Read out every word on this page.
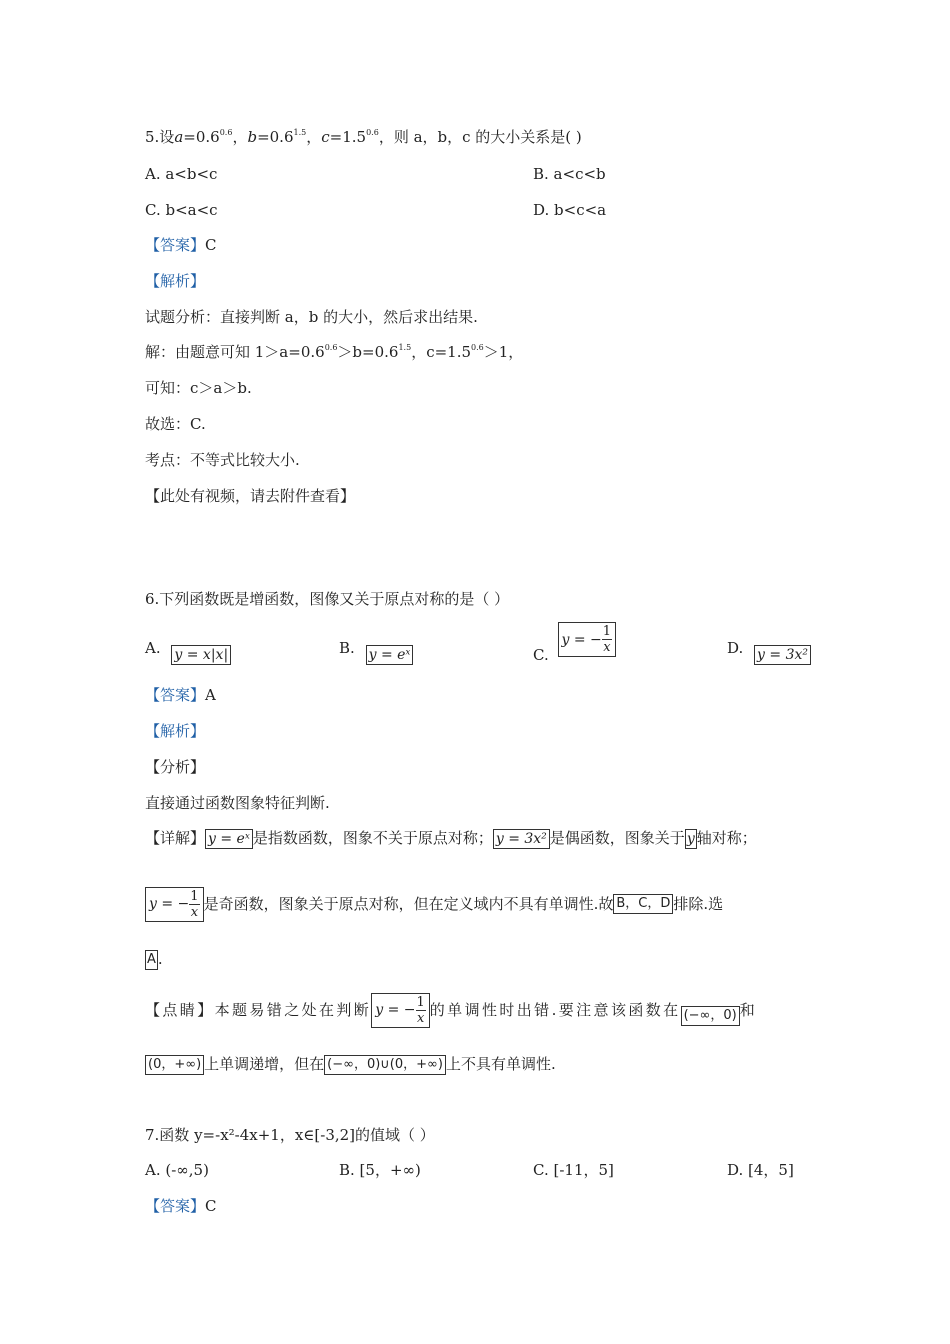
5.设$a=0.6^{0.6}$，$b=0.6^{1.5}$，$c=1.5^{0.6}$，则 a，b，c 的大小关系是( )
A. a<b<c	B. a<c<b
C. b<a<c	D. b<c<a
【答案】C
【解析】
试题分析：直接判断 a，b 的大小，然后求出结果.
解：由题意可知 $1>a=0.6^{0.6}>b=0.6^{1.5}$，$c=1.5^{0.6}>1$，
可知：c＞a＞b.
故选：C.
考点：不等式比较大小.
【此处有视频，请去附件查看】
6.下列函数既是增函数，图像又关于原点对称的是（ ）
A. y = x|x|	B. y = eˣ	C.
y = − $\frac{1}{x}$	D. y = 3x²
【答案】A
【解析】
【分析】
直接通过函数图象特征判断.
【详解】 y = eˣ 是指数函数，图象不关于原点对称； y = 3x² 是偶函数，图象关于 y 轴对称；
y = − $\frac{1}{x}$ 是奇函数，图象关于原点对称，但在定义域内不具有单调性.故 B，C，D 排除.选
A .
【点睛】 本题易错之处在判断 y = − $\frac{1}{x}$ 的单调性时出错.要注意该函数在 (−∞，0) 和
(0，+∞) 上单调递增，但在 (−∞，0)∪(0，+∞) 上不具有单调性.
7.函数 y=-x²-4x+1，x∈[-3,2]的值域（ ）
A. (-∞,5)	B. [5，+∞)	C. [-11，5]	D. [4，5]
【答案】C
